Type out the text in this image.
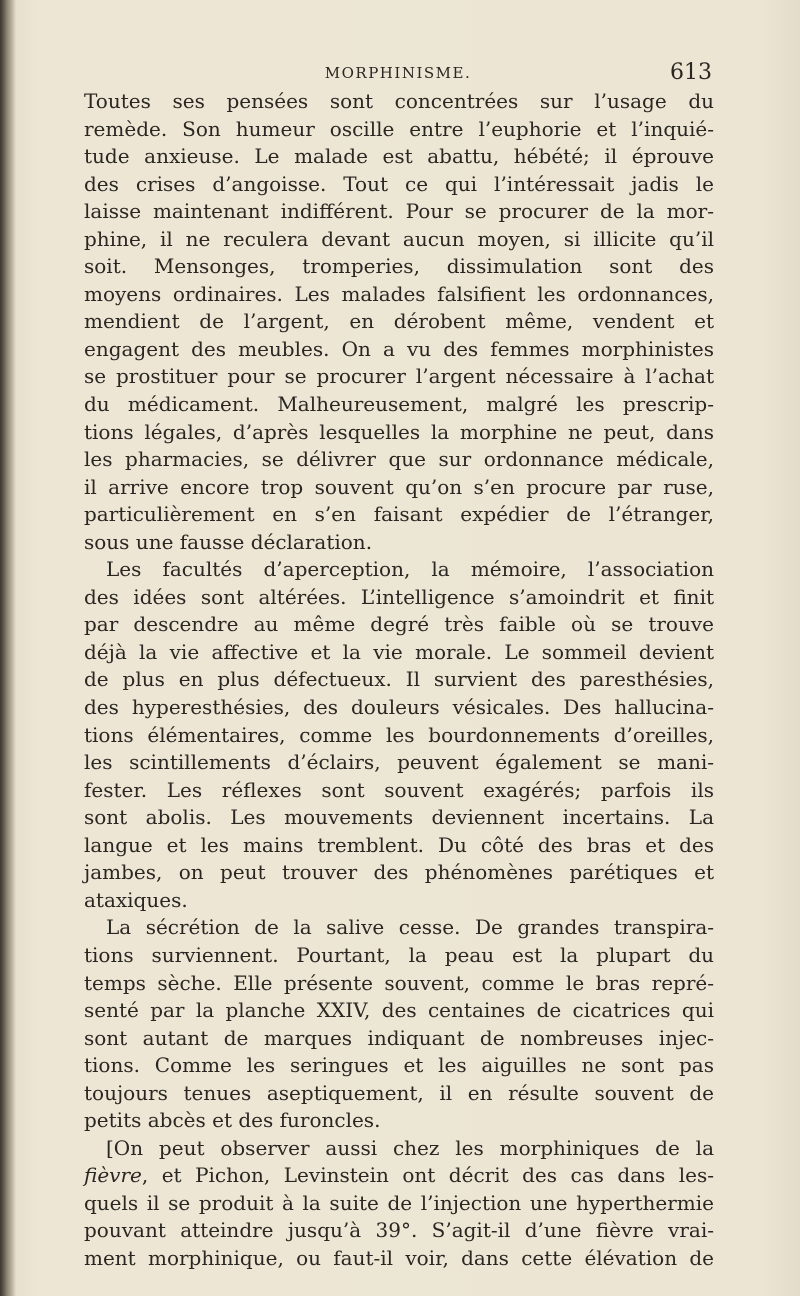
MORPHINISME.	613
Toutes ses pensées sont concentrées sur l’usage du
remède. Son humeur oscille entre l’euphorie et l’inquié-
tude anxieuse. Le malade est abattu, hébété; il éprouve
des crises d’angoisse. Tout ce qui l’intéressait jadis le
laisse maintenant indifférent. Pour se procurer de la mor-
phine, il ne reculera devant aucun moyen, si illicite qu’il
soit. Mensonges, tromperies, dissimulation sont des
moyens ordinaires. Les malades falsifient les ordonnances,
mendient de l’argent, en dérobent même, vendent et
engagent des meubles. On a vu des femmes morphinistes
se prostituer pour se procurer l’argent nécessaire à l’achat
du médicament. Malheureusement, malgré les prescrip-
tions légales, d’après lesquelles la morphine ne peut, dans
les pharmacies, se délivrer que sur ordonnance médicale,
il arrive encore trop souvent qu’on s’en procure par ruse,
particulièrement en s’en faisant expédier de l’étranger,
sous une fausse déclaration.
Les facultés d’aperception, la mémoire, l’association
des idées sont altérées. L’intelligence s’amoindrit et finit
par descendre au même degré très faible où se trouve
déjà la vie affective et la vie morale. Le sommeil devient
de plus en plus défectueux. Il survient des paresthésies,
des hyperesthésies, des douleurs vésicales. Des hallucina-
tions élémentaires, comme les bourdonnements d’oreilles,
les scintillements d’éclairs, peuvent également se mani-
fester. Les réflexes sont souvent exagérés; parfois ils
sont abolis. Les mouvements deviennent incertains. La
langue et les mains tremblent. Du côté des bras et des
jambes, on peut trouver des phénomènes parétiques et
ataxiques.
La sécrétion de la salive cesse. De grandes transpira-
tions surviennent. Pourtant, la peau est la plupart du
temps sèche. Elle présente souvent, comme le bras repré-
senté par la planche XXIV, des centaines de cicatrices qui
sont autant de marques indiquant de nombreuses injec-
tions. Comme les seringues et les aiguilles ne sont pas
toujours tenues aseptiquement, il en résulte souvent de
petits abcès et des furoncles.
[On peut observer aussi chez les morphiniques de la
fièvre, et Pichon, Levinstein ont décrit des cas dans les-
quels il se produit à la suite de l’injection une hyperthermie
pouvant atteindre jusqu’à 39°. S’agit-il d’une fièvre vrai-
ment morphinique, ou faut-il voir, dans cette élévation de
